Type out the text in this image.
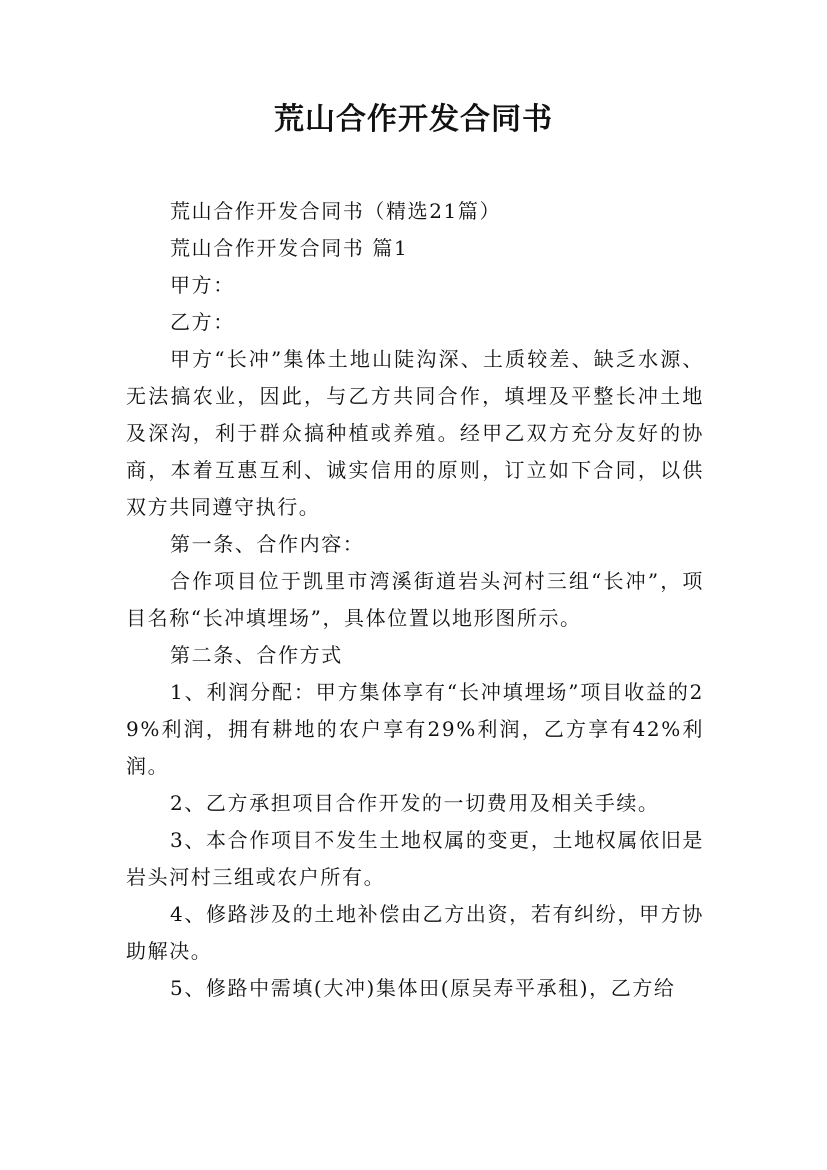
荒山合作开发合同书

荒山合作开发合同书（精选21篇）

荒山合作开发合同书 篇1

甲方：

乙方：

甲方“长冲”集体土地山陡沟深、土质较差、缺乏水源、无法搞农业，因此，与乙方共同合作，填埋及平整长冲土地及深沟，利于群众搞种植或养殖。经甲乙双方充分友好的协商，本着互惠互利、诚实信用的原则，订立如下合同，以供双方共同遵守执行。

第一条、合作内容：

合作项目位于凯里市湾溪街道岩头河村三组“长冲”，项目名称“长冲填埋场”，具体位置以地形图所示。

第二条、合作方式

1、利润分配：甲方集体享有“长冲填埋场”项目收益的29%利润，拥有耕地的农户享有29%利润，乙方享有42%利润。

2、乙方承担项目合作开发的一切费用及相关手续。

3、本合作项目不发生土地权属的变更，土地权属依旧是岩头河村三组或农户所有。

4、修路涉及的土地补偿由乙方出资，若有纠纷，甲方协助解决。

5、修路中需填(大冲)集体田(原吴寿平承租)，乙方给
